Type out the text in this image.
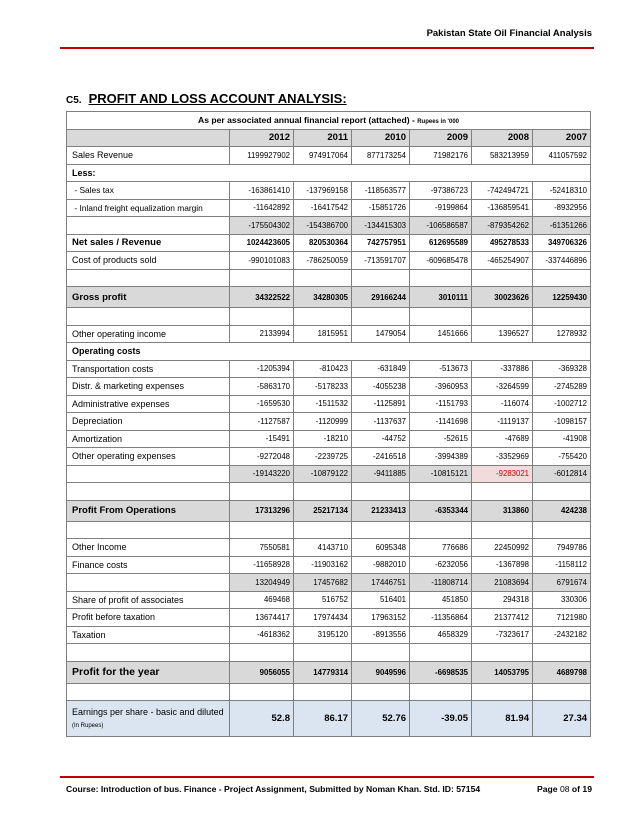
Pakistan State Oil Financial Analysis
C5. PROFIT AND LOSS ACCOUNT ANALYSIS:
As per associated annual financial report (attached) - Rupees in '000						
	2012	2011	2010	2009	2008	2007
Sales Revenue	1199927902	974917064	877173254	71982176	583213959	411057592
Less:						
- Sales tax	-163861410	-137969158	-118563577	-97386723	-742494721	-52418310
- Inland freight equalization margin	-11642892	-16417542	-15851726	-9199864	-136859541	-8932956
	-175504302	-154386700	-134415303	-106586587	-879354262	-61351266
Net sales / Revenue	1024423605	820530364	742757951	612695589	495278533	349706326
Cost of products sold	-990101083	-786250059	-713591707	-609685478	-465254907	-337446896

Gross profit	34322522	34280305	29166244	3010111	30023626	12259430

Other operating income	2133994	1815951	1479054	1451666	1396527	1278932
Operating costs						
Transportation costs	-1205394	-810423	-631849	-513673	-337886	-369328
Distr. & marketing expenses	-5863170	-5178233	-4055238	-3960953	-3264599	-2745289
Administrative expenses	-1659530	-1511532	-1125891	-1151793	-116074	-1002712
Depreciation	-1127587	-1120999	-1137637	-1141698	-1119137	-1098157
Amortization	-15491	-18210	-44752	-52615	-47689	-41908
Other operating expenses	-9272048	-2239725	-2416518	-3994389	-3352969	-755420
	-19143220	-10879122	-9411885	-10815121	-9283021	-6012814

Profit From Operations	17313296	25217134	21233413	-6353344	313860	424238

Other Income	7550581	4143710	6095348	776686	22450992	7949786
Finance costs	-11658928	-11903162	-9882010	-6232056	-1367898	-1158112
	13204949	17457682	17446751	-11808714	21083694	6791674
Share of profit of associates	469468	516752	516401	451850	294318	330306
Profit before taxation	13674417	17974434	17963152	-11356864	21377412	7121980
Taxation	-4618362	3195120	-8913556	4658329	-7323617	-2432182

Profit for the year	9056055	14779314	9049596	-6698535	14053795	4689798

Earnings per share - basic and diluted (In Rupees)	52.8	86.17	52.76	-39.05	81.94	27.34
Course: Introduction of bus. Finance - Project Assignment, Submitted by Noman Khan. Std. ID: 57154	Page 08 of 19
